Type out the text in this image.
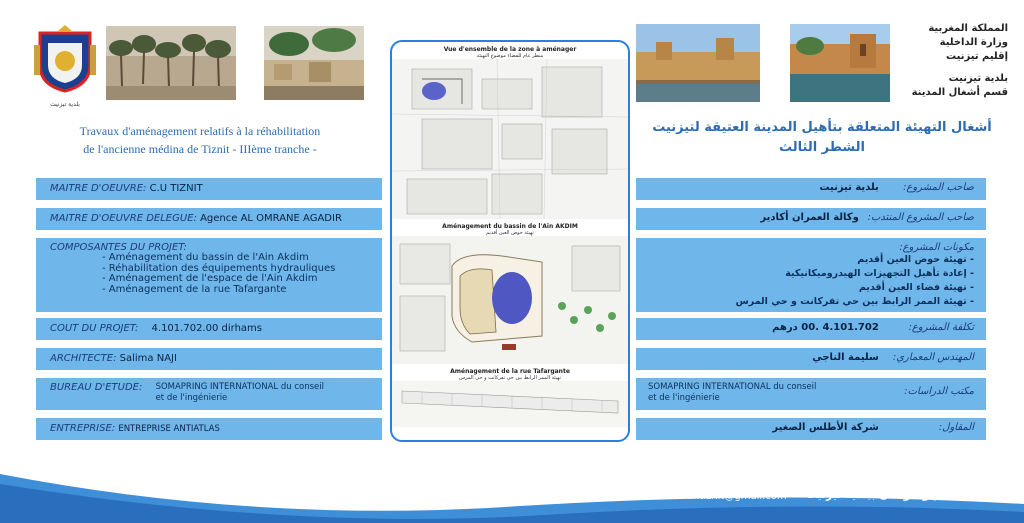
بلدية تيزنيت
Travaux d'aménagement relatifs à la réhabilitation
de l'ancienne médina de Tiznit - IIIème tranche -
MAITRE D'OEUVRE: C.U TIZNIT
MAITRE D'OEUVRE DELEGUE: Agence AL OMRANE AGADIR
COMPOSANTES DU PROJET:
- Aménagement du bassin de l'Ain Akdim
- Réhabilitation des équipements hydrauliques
- Aménagement de l'espace de l'Ain Akdim
- Aménagement de la rue Tafargante
COUT DU PROJET: 4.101.702.00 dirhams
ARCHITECTE: Salima NAJI
BUREAU D'ETUDE: SOMAPRING INTERNATIONAL du conseil
et de l'ingénierie
ENTREPRISE: ENTREPRISE ANTIATLAS
Vue d'ensemble de la zone à aménager
منظر عام للفضاء موضوع التهيئة
Aménagement du bassin de l'Ain AKDIM
تهيئة حوض العين أقديم
Aménagement de la rue Tafargante
تهيئة الممر الرابط بين حي تفركانت و حي المرس
المملكة المغربية
وزارة الداخلية
إقليم تيزنيت
بلدية تيزنيت
قسم أشغال المدينة
أشغال التهيئة المتعلقة بتأهيل المدينة العتيقة لتيزنيت
الشطر الثالث
صاحب المشروع: بلدية تيزنيت
صاحب المشروع المنتدب: وكالة العمران أكادير
مكونات المشروع:
- تهيئة حوض العين أقديم
- إعادة تأهيل التجهيزات الهيدروميكانيكية
- تهيئة فضاء العين أقديم
- تهيئة الممر الرابط بين حي تفركانت و حي المرس
تكلفة المشروع: 4.101.702 .00 درهم
المهندس المعماري: سليمة الناجي
SOMAPRING INTERNATIONAL du conseil
et de l'ingénierie
مكتب الدراسات:
المقاول: شركة الأطلس الصغير
cci.muntiznit@gmail.com	مصلحة الاعلام والتواصل ببلدية تيزنيت
